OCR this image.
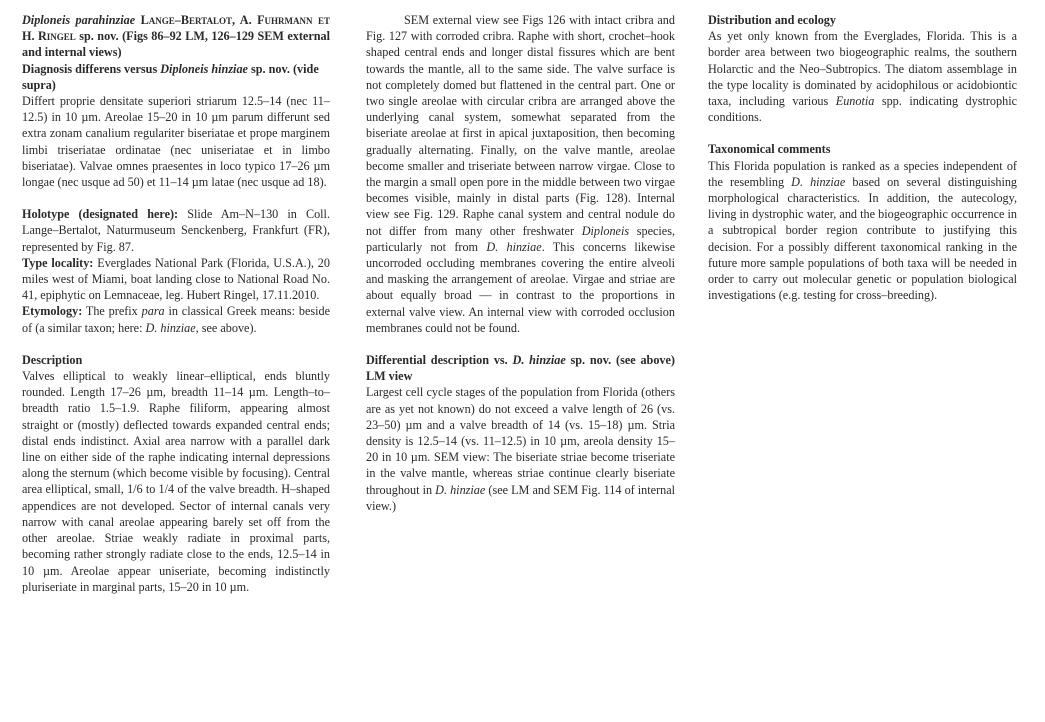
Diploneis parahinziae Lange–Bertalot, A. Fuhrmann et H. Ringel sp. nov. (Figs 86–92 LM, 126–129 SEM external and internal views)

Diagnosis differens versus Diploneis hinziae sp. nov. (vide supra)

Differt proprie densitate superiori striarum 12.5–14 (nec 11–12.5) in 10 µm. Areolae 15–20 in 10 µm parum differunt sed extra zonam canalium regulariter biseriatae et prope marginem limbi triseriatae ordinatae (nec uniseriatae et in limbo biseriatae). Valvae omnes praesentes in loco typico 17–26 µm longae (nec usque ad 50) et 11–14 µm latae (nec usque ad 18).

Holotype (designated here): Slide Am–N–130 in Coll. Lange–Bertalot, Naturmuseum Senckenberg, Frankfurt (FR), represented by Fig. 87.

Type locality: Everglades National Park (Florida, U.S.A.), 20 miles west of Miami, boat landing close to National Road No. 41, epiphytic on Lemnaceae, leg. Hubert Ringel, 17.11.2010.

Etymology: The prefix para in classical Greek means: beside of (a similar taxon; here: D. hinziae, see above).

Description

Valves elliptical to weakly linear–elliptical, ends bluntly rounded. Length 17–26 µm, breadth 11–14 µm. Length–to–breadth ratio 1.5–1.9. Raphe filiform, appearing almost straight or (mostly) deflected towards expanded central ends; distal ends indistinct. Axial area narrow with a parallel dark line on either side of the raphe indicating internal depressions along the sternum (which become visible by focusing). Central area elliptical, small, 1/6 to 1/4 of the valve breadth. H–shaped appendices are not developed. Sector of internal canals very narrow with canal areolae appearing barely set off from the other areolae. Striae weakly radiate in proximal parts, becoming rather strongly radiate close to the ends, 12.5–14 in 10 µm. Areolae appear uniseriate, becoming indistinctly pluriseriate in marginal parts, 15–20 in 10 µm.

SEM external view see Figs 126 with intact cribra and Fig. 127 with corroded cribra. Raphe with short, crochet–hook shaped central ends and longer distal fissures which are bent towards the mantle, all to the same side. The valve surface is not completely domed but flattened in the central part. One or two single areolae with circular cribra are arranged above the underlying canal system, somewhat separated from the biseriate areolae at first in apical juxtaposition, then becoming gradually alternating. Finally, on the valve mantle, areolae become smaller and triseriate between narrow virgae. Close to the margin a small open pore in the middle between two virgae becomes visible, mainly in distal parts (Fig. 128). Internal view see Fig. 129. Raphe canal system and central nodule do not differ from many other freshwater Diploneis species, particularly not from D. hinziae. This concerns likewise uncorroded occluding membranes covering the entire alveoli and masking the arrangement of areolae. Virgae and striae are about equally broad — in contrast to the proportions in external valve view. An internal view with corroded occlusion membranes could not be found.

Differential description vs. D. hinziae sp. nov. (see above) LM view

Largest cell cycle stages of the population from Florida (others are as yet not known) do not exceed a valve length of 26 (vs. 23–50) µm and a valve breadth of 14 (vs. 15–18) µm. Stria density is 12.5–14 (vs. 11–12.5) in 10 µm, areola density 15–20 in 10 µm. SEM view: The biseriate striae become triseriate in the valve mantle, whereas striae continue clearly biseriate throughout in D. hinziae (see LM and SEM Fig. 114 of internal view.)

Distribution and ecology

As yet only known from the Everglades, Florida. This is a border area between two biogeographic realms, the southern Holarctic and the Neo–Subtropics. The diatom assemblage in the type locality is dominated by acidophilous or acidobiontic taxa, including various Eunotia spp. indicating dystrophic conditions.

Taxonomical comments

This Florida population is ranked as a species independent of the resembling D. hinziae based on several distinguishing morphological characteristics. In addition, the autecology, living in dystrophic water, and the biogeographic occurrence in a subtropical border region contribute to justifying this decision. For a possibly different taxonomical ranking in the future more sample populations of both taxa will be needed in order to carry out molecular genetic or population biological investigations (e.g. testing for cross–breeding).
